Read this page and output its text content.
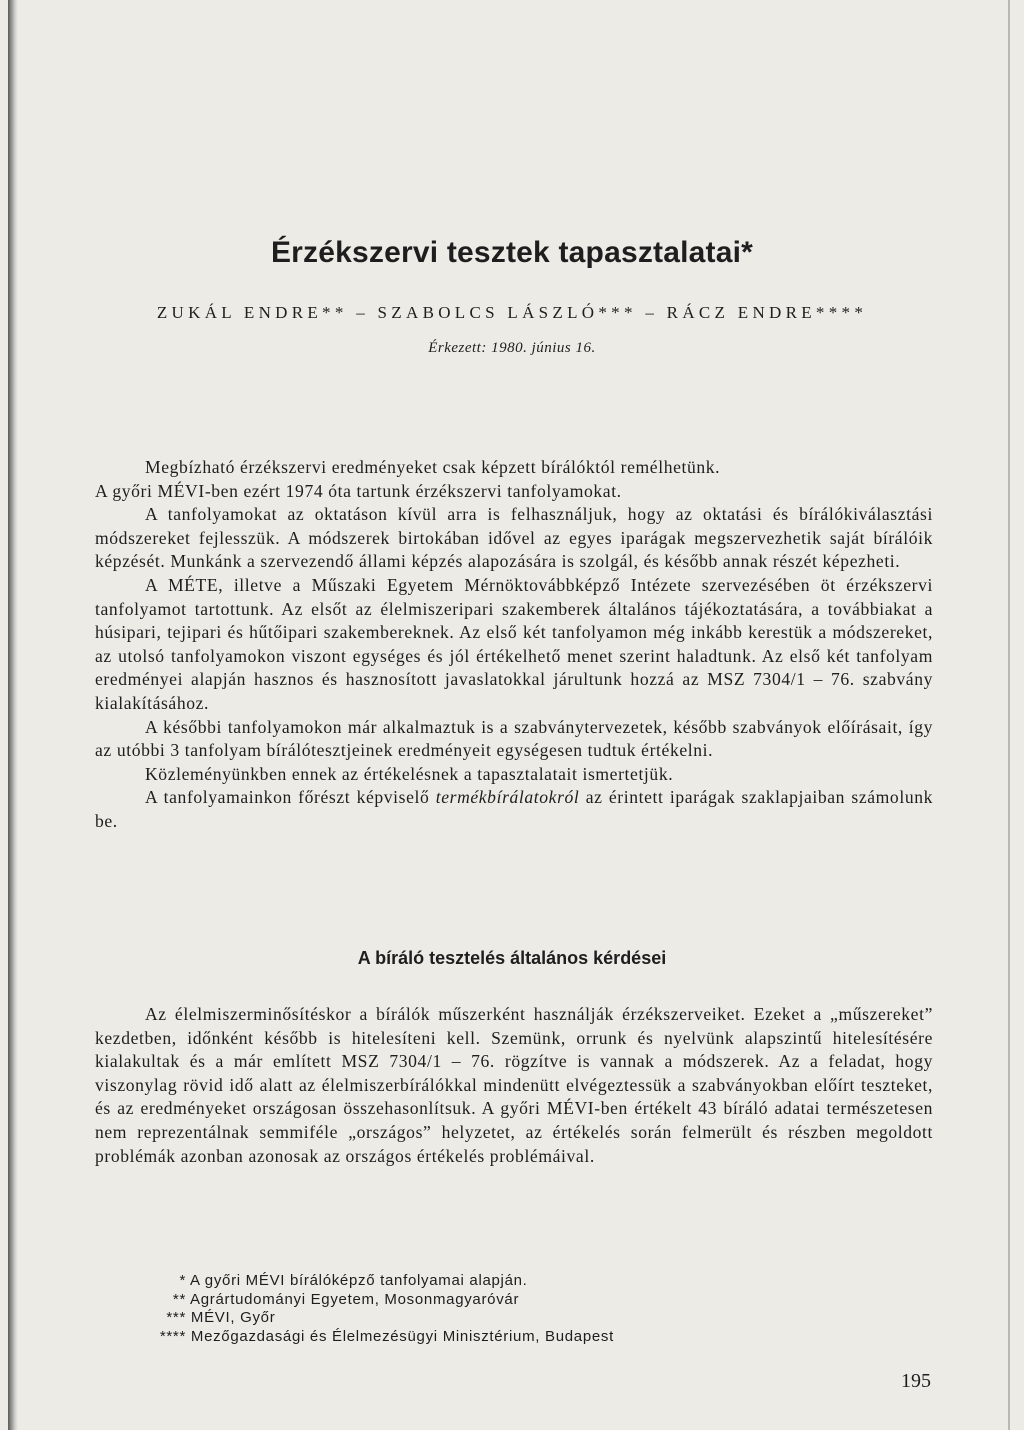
Érzékszervi tesztek tapasztalatai*
ZUKÁL ENDRE** – SZABOLCS LÁSZLÓ*** – RÁCZ ENDRE****
Érkezett: 1980. június 16.

Megbízható érzékszervi eredményeket csak képzett bírálóktól remélhetünk.

A győri MÉVI-ben ezért 1974 óta tartunk érzékszervi tanfolyamokat.

A tanfolyamokat az oktatáson kívül arra is felhasználjuk, hogy az oktatási és bírálókiválasztási módszereket fejlesszük. A módszerek birtokában idővel az egyes iparágak megszervezhetik saját bírálóik képzését. Munkánk a szervezendő állami képzés alapozására is szolgál, és később annak részét képezheti.

A MÉTE, illetve a Műszaki Egyetem Mérnöktovábbképző Intézete szervezésében öt érzékszervi tanfolyamot tartottunk. Az elsőt az élelmiszeripari szakemberek általános tájékoztatására, a továbbiakat a húsipari, tejipari és hűtőipari szakembereknek. Az első két tanfolyamon még inkább kerestük a módszereket, az utolsó tanfolyamokon viszont egységes és jól értékelhető menet szerint haladtunk. Az első két tanfolyam eredményei alapján hasznos és hasznosított javaslatokkal járultunk hozzá az MSZ 7304/1 – 76. szabvány kialakításához.

A későbbi tanfolyamokon már alkalmaztuk is a szabványtervezetek, később szabványok előírásait, így az utóbbi 3 tanfolyam bírálótesztjeinek eredményeit egységesen tudtuk értékelni.

Közleményünkben ennek az értékelésnek a tapasztalatait ismertetjük.

A tanfolyamainkon főrészt képviselő termékbírálatokról az érintett iparágak szaklapjaiban számolunk be.

A bíráló tesztelés általános kérdései

Az élelmiszerminősítéskor a bírálók műszerként használják érzékszerveiket. Ezeket a „műszereket” kezdetben, időnként később is hitelesíteni kell. Szemünk, orrunk és nyelvünk alapszintű hitelesítésére kialakultak és a már említett MSZ 7304/1 – 76. rögzítve is vannak a módszerek. Az a feladat, hogy viszonylag rövid idő alatt az élelmiszerbírálókkal mindenütt elvégeztessük a szabványokban előírt teszteket, és az eredményeket országosan összehasonlítsuk. A győri MÉVI-ben értékelt 43 bíráló adatai természetesen nem reprezentálnak semmiféle „országos” helyzetet, az értékelés során felmerült és részben megoldott problémák azonban azonosak az országos értékelés problémáival.

* A győri MÉVI bírálóképző tanfolyamai alapján.
** Agrártudományi Egyetem, Mosonmagyaróvár
*** MÉVI, Győr
**** Mezőgazdasági és Élelmezésügyi Minisztérium, Budapest
195
